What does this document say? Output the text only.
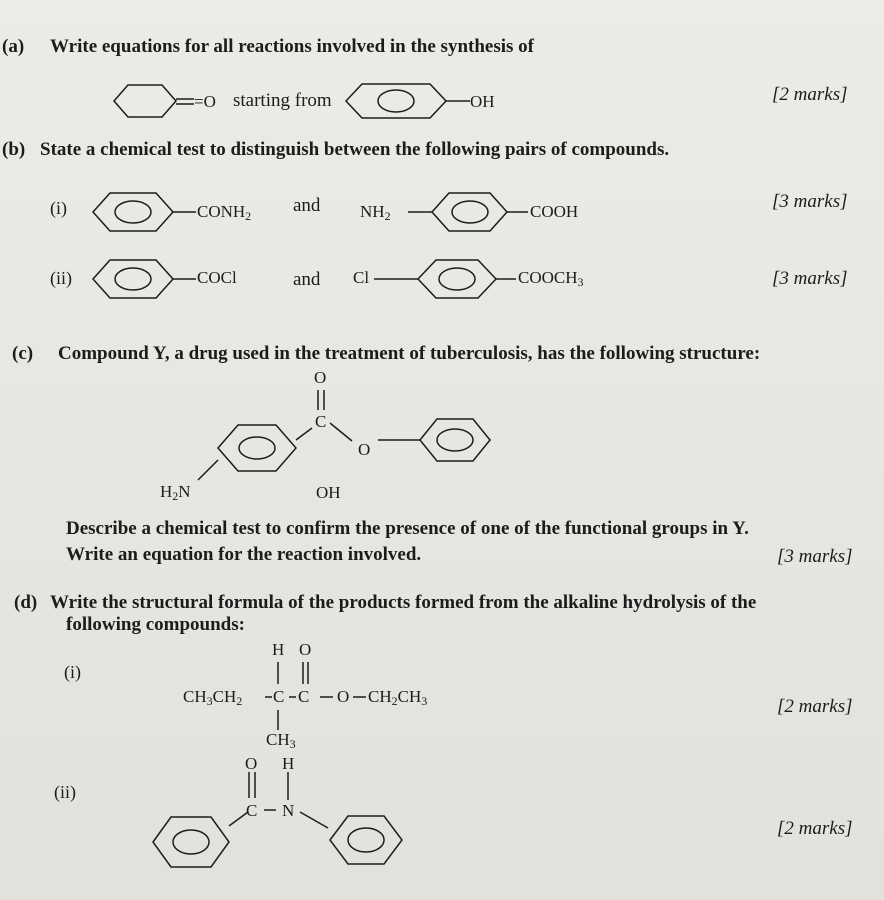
(a) Write equations for all reactions involved in the synthesis of
=O starting from	OH	[2 marks]
(b) State a chemical test to distinguish between the following pairs of compounds.
(i)	$CONH_2$ and $NH_2$	COOH	[3 marks]
(ii)	COCl	and Cl	$COOCH_3$	[3 marks]
(c) Compound Y, a drug used in the treatment of tuberculosis, has the following structure:
O
C
O
$H_2N$	OH
Describe a chemical test to confirm the presence of one of the functional groups in Y.
Write an equation for the reaction involved.	[3 marks]
(d) Write the structural formula of the products formed from the alkaline hydrolysis of the
following compounds:
(i)
H O
$CH_3CH_2$ C C O $CH_2CH_3$
$CH_3$
[2 marks]
(ii)
O H
C N
[2 marks]
